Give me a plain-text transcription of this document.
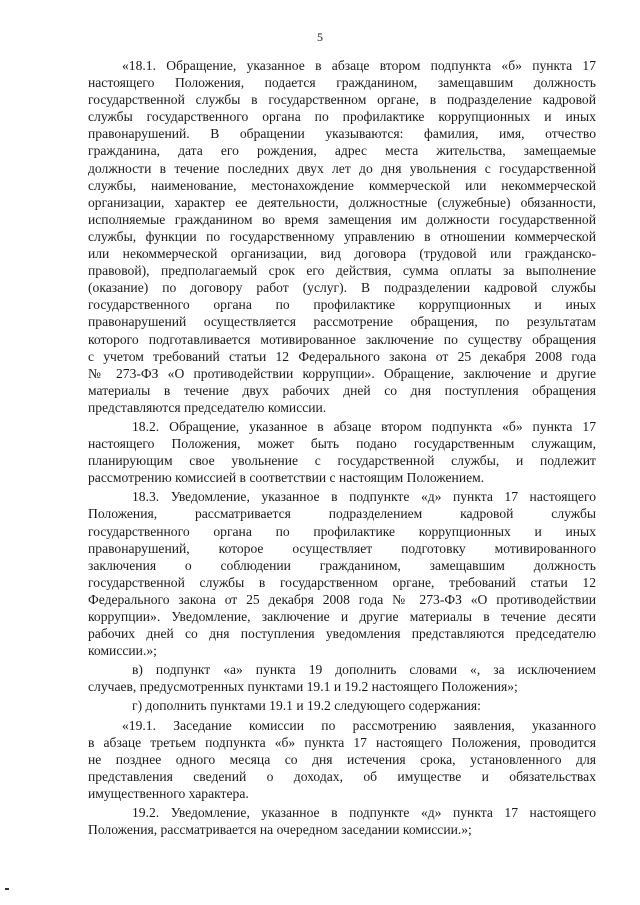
5
«18.1. Обращение, указанное в абзаце втором подпункта «б» пункта 17
настоящего Положения, подается гражданином, замещавшим должность
государственной службы в государственном органе, в подразделение кадровой
службы государственного органа по профилактике коррупционных и иных
правонарушений. В обращении указываются: фамилия, имя, отчество
гражданина, дата его рождения, адрес места жительства, замещаемые
должности в течение последних двух лет до дня увольнения с государственной
службы, наименование, местонахождение коммерческой или некоммерческой
организации, характер ее деятельности, должностные (служебные) обязанности,
исполняемые гражданином во время замещения им должности государственной
службы, функции по государственному управлению в отношении коммерческой
или некоммерческой организации, вид договора (трудовой или гражданско-
правовой), предполагаемый срок его действия, сумма оплаты за выполнение
(оказание) по договору работ (услуг). В подразделении кадровой службы
государственного органа по профилактике коррупционных и иных
правонарушений осуществляется рассмотрение обращения, по результатам
которого подготавливается мотивированное заключение по существу обращения
с учетом требований статьи 12 Федерального закона от 25 декабря 2008 года
№ 273-ФЗ «О противодействии коррупции». Обращение, заключение и другие
материалы в течение двух рабочих дней со дня поступления обращения
представляются председателю комиссии.
18.2. Обращение, указанное в абзаце втором подпункта «б» пункта 17
настоящего Положения, может быть подано государственным служащим,
планирующим свое увольнение с государственной службы, и подлежит
рассмотрению комиссией в соответствии с настоящим Положением.
18.3. Уведомление, указанное в подпункте «д» пункта 17 настоящего
Положения, рассматривается подразделением кадровой службы
государственного органа по профилактике коррупционных и иных
правонарушений, которое осуществляет подготовку мотивированного
заключения о соблюдении гражданином, замещавшим должность
государственной службы в государственном органе, требований статьи 12
Федерального закона от 25 декабря 2008 года № 273-ФЗ «О противодействии
коррупции». Уведомление, заключение и другие материалы в течение десяти
рабочих дней со дня поступления уведомления представляются председателю
комиссии.»;
в) подпункт «а» пункта 19 дополнить словами «, за исключением
случаев, предусмотренных пунктами 19.1 и 19.2 настоящего Положения»;
г) дополнить пунктами 19.1 и 19.2 следующего содержания:
«19.1. Заседание комиссии по рассмотрению заявления, указанного
в абзаце третьем подпункта «б» пункта 17 настоящего Положения, проводится
не позднее одного месяца со дня истечения срока, установленного для
представления сведений о доходах, об имуществе и обязательствах
имущественного характера.
19.2. Уведомление, указанное в подпункте «д» пункта 17 настоящего
Положения, рассматривается на очередном заседании комиссии.»;
